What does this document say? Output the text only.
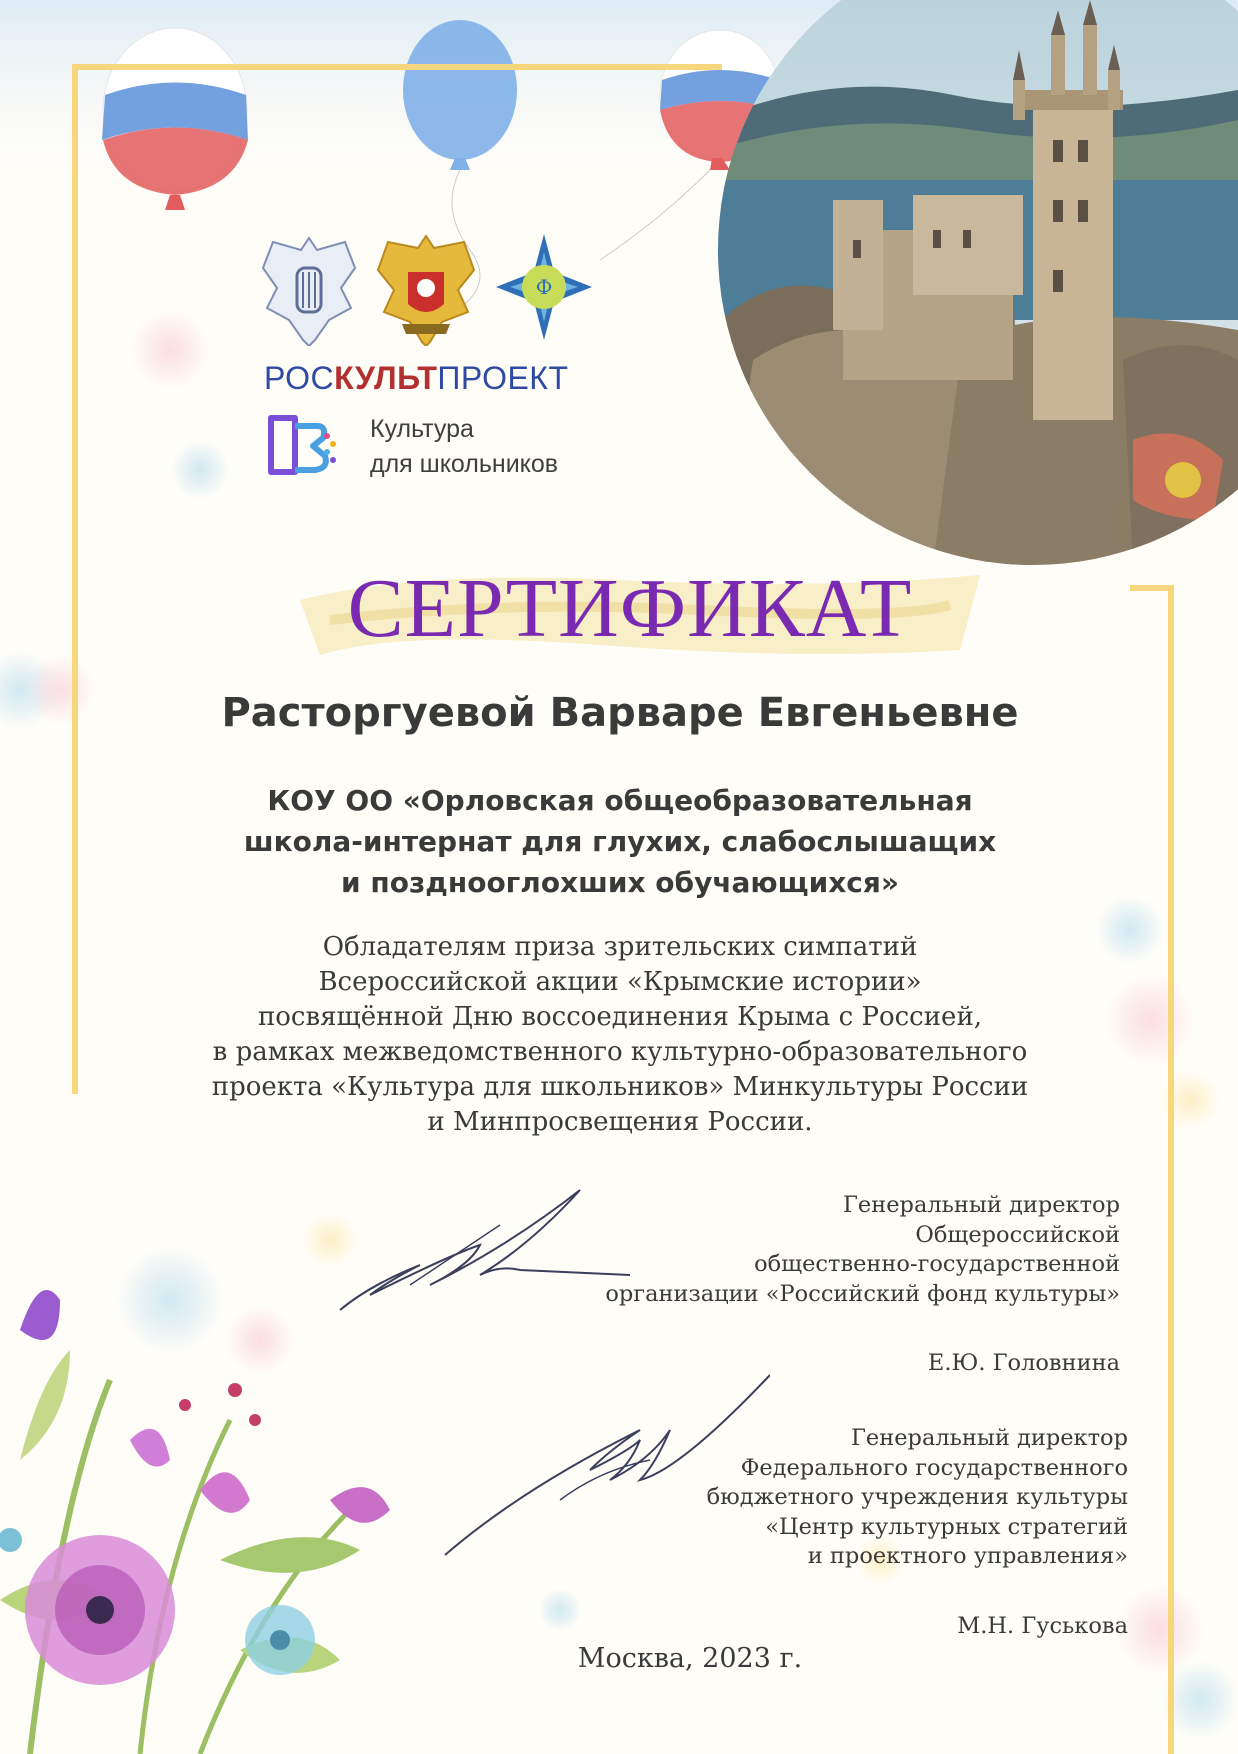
Ф
РОСКУЛЬТПРОЕКТ
Культура
для школьников
СЕРТИФИКАТ
Расторгуевой Варваре Евгеньевне
КОУ ОО «Орловская общеобразовательная
школа-интернат для глухих, слабослышащих
и позднооглохших обучающихся»
Обладателям приза зрительских симпатий
Всероссийской акции «Крымские истории»
посвящённой Дню воссоединения Крыма с Россией,
в рамках межведомственного культурно-образовательного
проекта «Культура для школьников» Минкультуры России
и Минпросвещения России.
Генеральный директор
Общероссийской
общественно-государственной
организации «Российский фонд культуры»
Е.Ю. Головнина
Генеральный директор
Федерального государственного
бюджетного учреждения культуры
«Центр культурных стратегий
и проектного управления»
М.Н. Гуськова
Москва, 2023 г.
